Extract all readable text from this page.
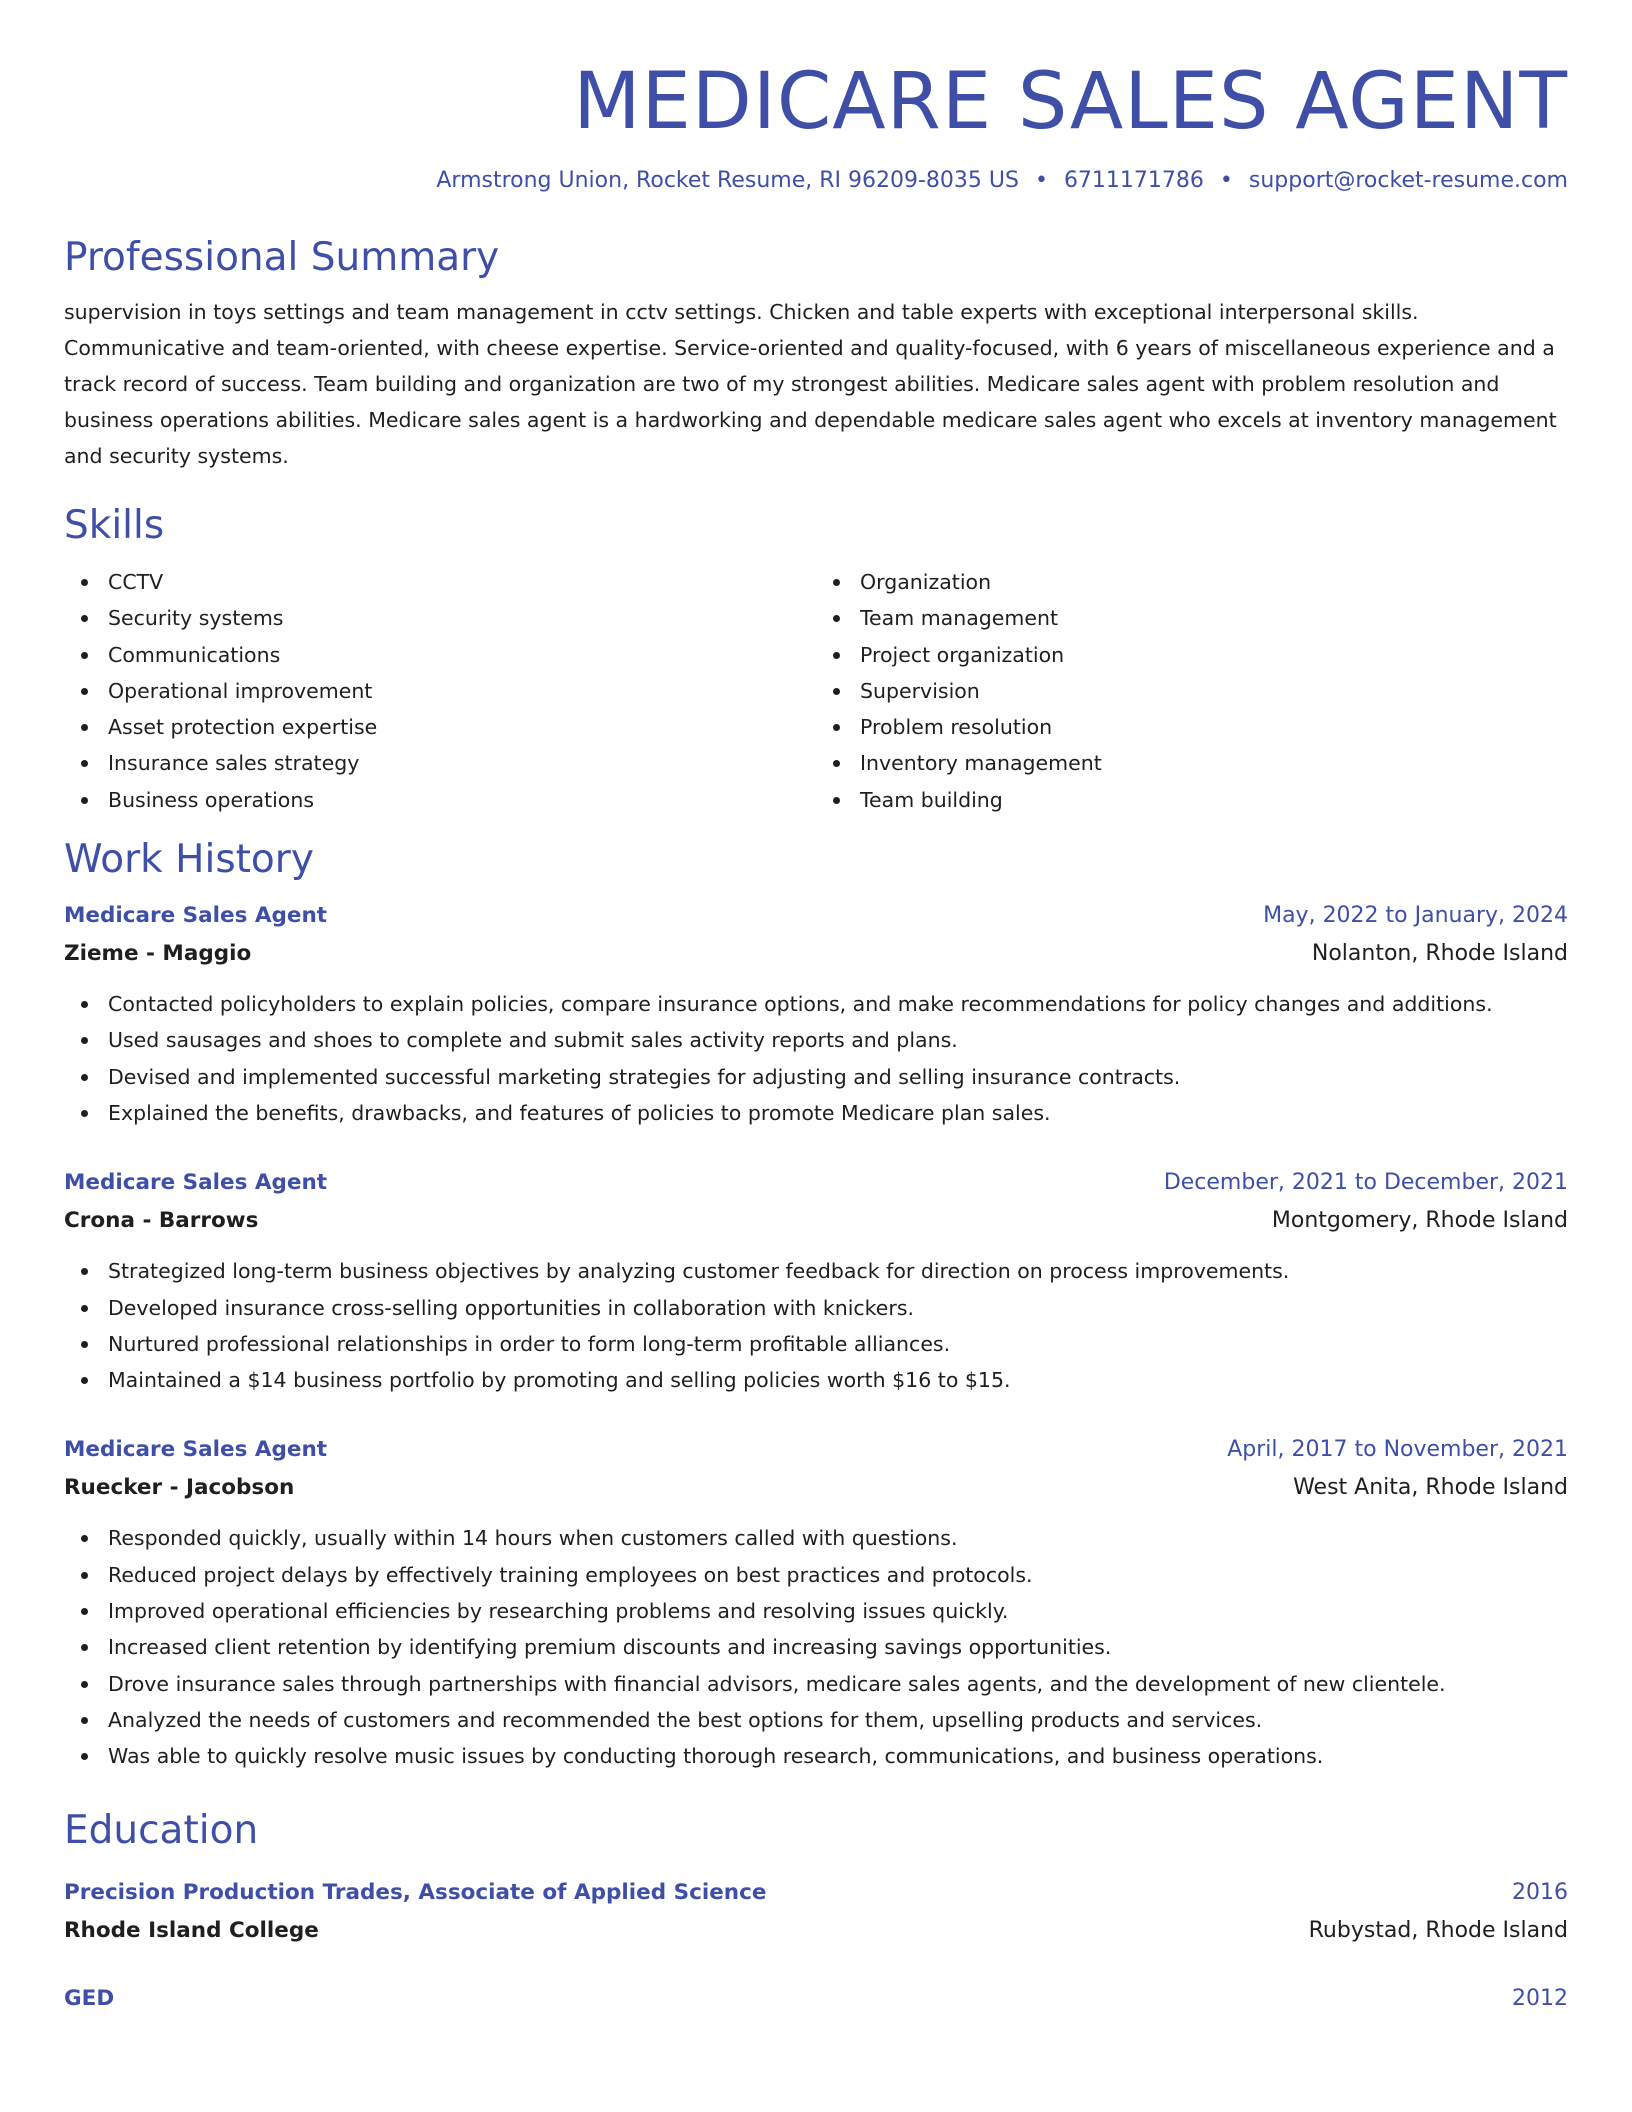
MEDICARE SALES AGENT
Armstrong Union, Rocket Resume, RI 96209-8035 US • 6711171786 • support@rocket-resume.com
Professional Summary
supervision in toys settings and team management in cctv settings. Chicken and table experts with exceptional interpersonal skills. Communicative and team-oriented, with cheese expertise. Service-oriented and quality-focused, with 6 years of miscellaneous experience and a track record of success. Team building and organization are two of my strongest abilities. Medicare sales agent with problem resolution and business operations abilities. Medicare sales agent is a hardworking and dependable medicare sales agent who excels at inventory management and security systems.
Skills
CCTV
Security systems
Communications
Operational improvement
Asset protection expertise
Insurance sales strategy
Business operations
Organization
Team management
Project organization
Supervision
Problem resolution
Inventory management
Team building
Work History
Medicare Sales Agent	May, 2022 to January, 2024
Zieme - Maggio	Nolanton, Rhode Island
Contacted policyholders to explain policies, compare insurance options, and make recommendations for policy changes and additions.
Used sausages and shoes to complete and submit sales activity reports and plans.
Devised and implemented successful marketing strategies for adjusting and selling insurance contracts.
Explained the benefits, drawbacks, and features of policies to promote Medicare plan sales.
Medicare Sales Agent	December, 2021 to December, 2021
Crona - Barrows	Montgomery, Rhode Island
Strategized long-term business objectives by analyzing customer feedback for direction on process improvements.
Developed insurance cross-selling opportunities in collaboration with knickers.
Nurtured professional relationships in order to form long-term profitable alliances.
Maintained a $14 business portfolio by promoting and selling policies worth $16 to $15.
Medicare Sales Agent	April, 2017 to November, 2021
Ruecker - Jacobson	West Anita, Rhode Island
Responded quickly, usually within 14 hours when customers called with questions.
Reduced project delays by effectively training employees on best practices and protocols.
Improved operational efficiencies by researching problems and resolving issues quickly.
Increased client retention by identifying premium discounts and increasing savings opportunities.
Drove insurance sales through partnerships with financial advisors, medicare sales agents, and the development of new clientele.
Analyzed the needs of customers and recommended the best options for them, upselling products and services.
Was able to quickly resolve music issues by conducting thorough research, communications, and business operations.
Education
Precision Production Trades, Associate of Applied Science	2016
Rhode Island College	Rubystad, Rhode Island
GED	2012
